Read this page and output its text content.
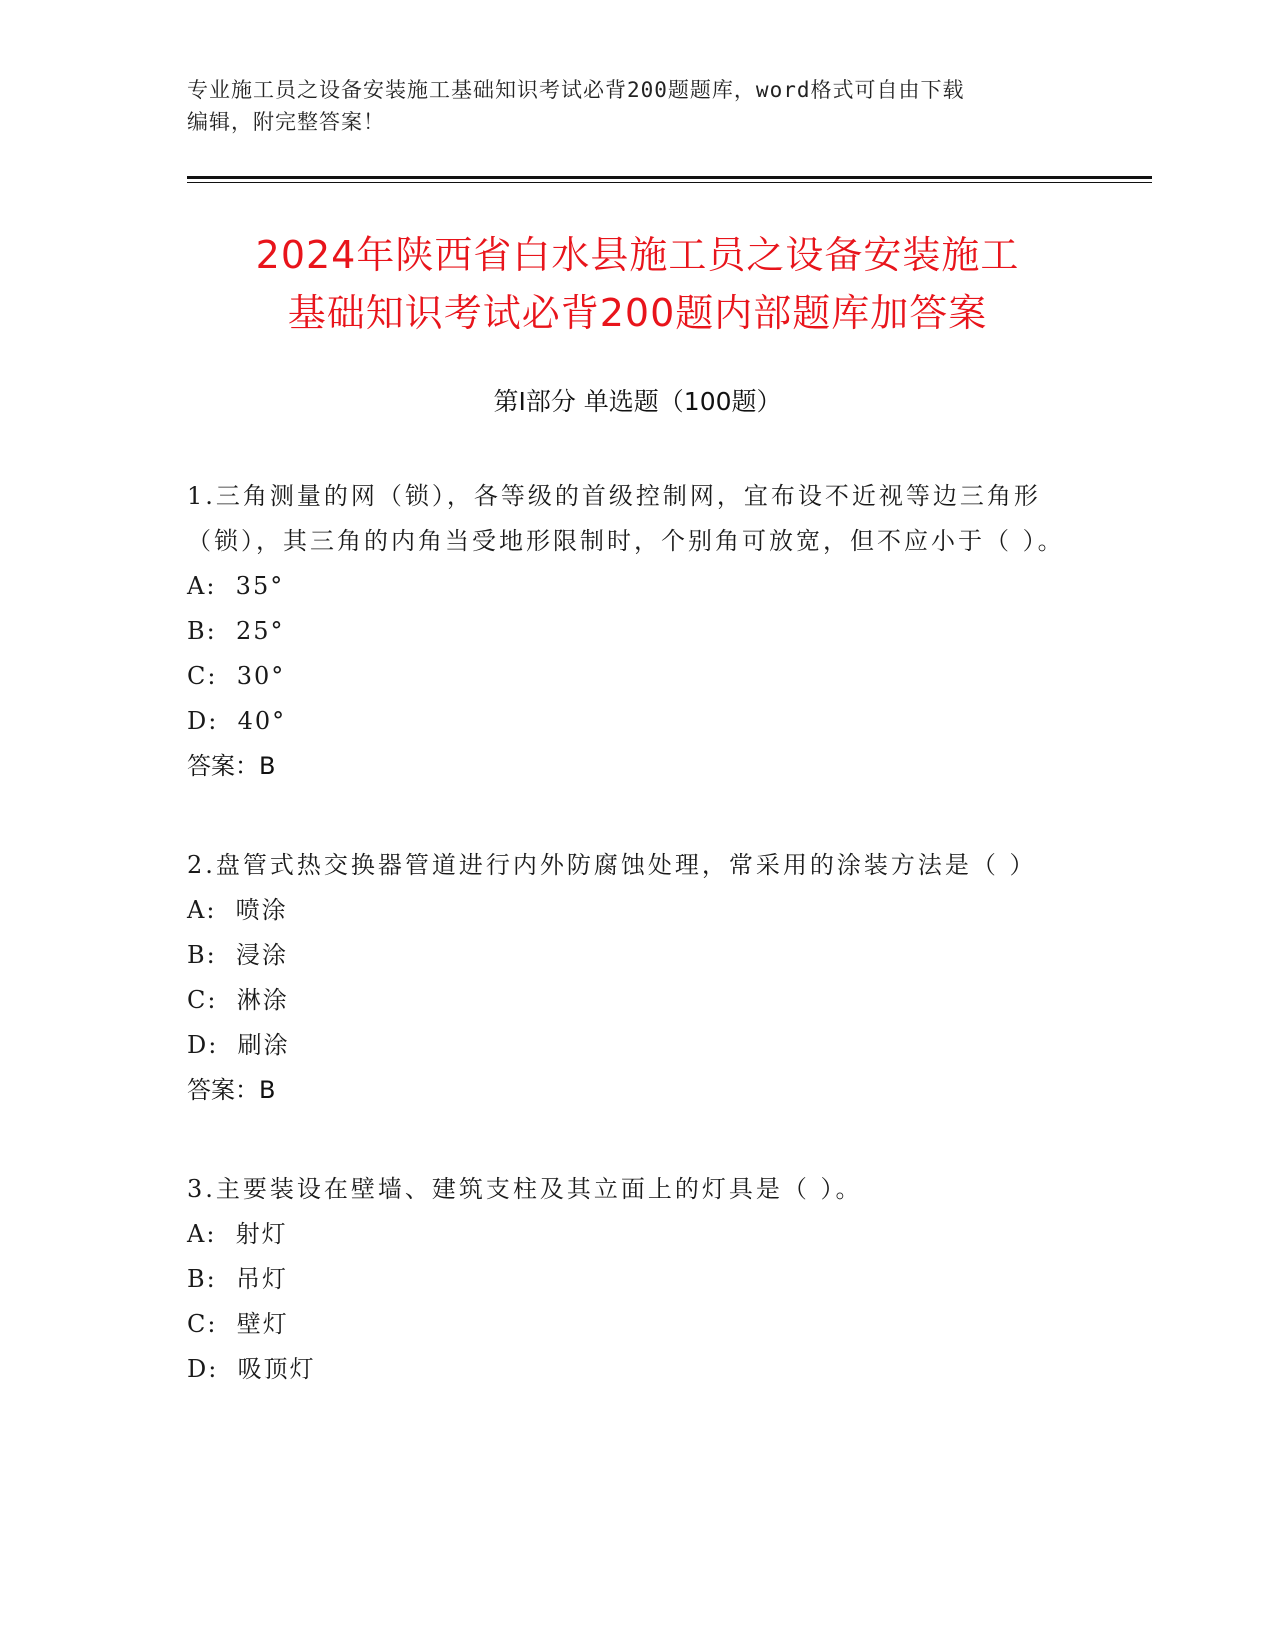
专业施工员之设备安装施工基础知识考试必背200题题库，word格式可自由下载
编辑，附完整答案！
2024年陕西省白水县施工员之设备安装施工
基础知识考试必背200题内部题库加答案
第Ⅰ部分 单选题（100题）

1.三角测量的网（锁），各等级的首级控制网，宜布设不近视等边三角形（锁），其三角的内角当受地形限制时，个别角可放宽，但不应小于（ ）。

A:  35°

B:  25°

C:  30°

D:  40°

答案：B

2.盘管式热交换器管道进行内外防腐蚀处理，常采用的涂装方法是（ ）

A:  喷涂

B:  浸涂

C:  淋涂

D:  刷涂

答案：B

3.主要装设在壁墙、建筑支柱及其立面上的灯具是（ ）。

A:  射灯

B:  吊灯

C:  壁灯

D:  吸顶灯
